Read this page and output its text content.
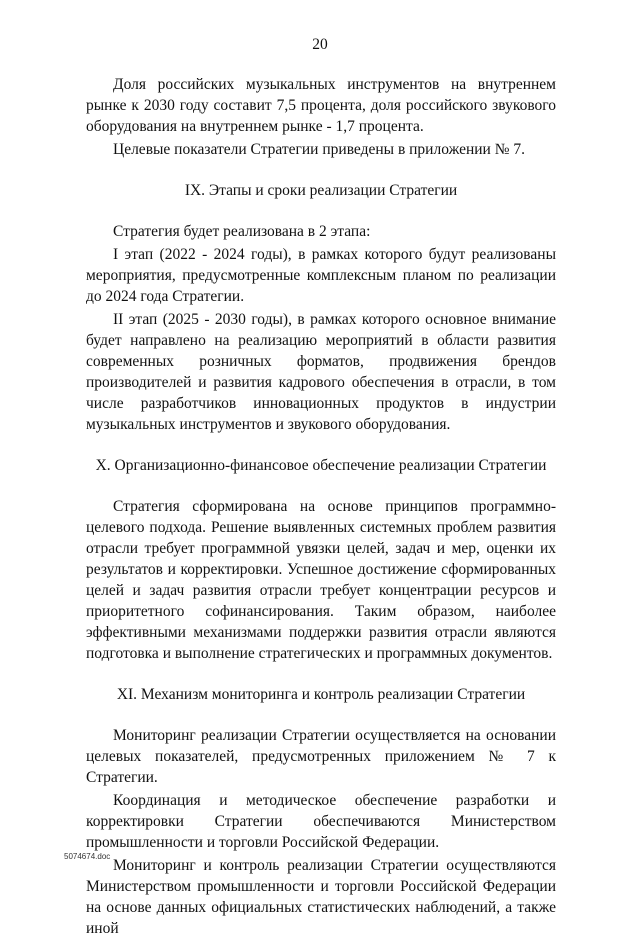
20

Доля российских музыкальных инструментов на внутреннем рынке к 2030 году составит 7,5 процента, доля российского звукового оборудования на внутреннем рынке - 1,7 процента.

Целевые показатели Стратегии приведены в приложении № 7.

IX. Этапы и сроки реализации Стратегии

Стратегия будет реализована в 2 этапа:

I этап (2022 - 2024 годы), в рамках которого будут реализованы мероприятия, предусмотренные комплексным планом по реализации до 2024 года Стратегии.

II этап (2025 - 2030 годы), в рамках которого основное внимание будет направлено на реализацию мероприятий в области развития современных розничных форматов, продвижения брендов производителей и развития кадрового обеспечения в отрасли, в том числе разработчиков инновационных продуктов в индустрии музыкальных инструментов и звукового оборудования.

X. Организационно-финансовое обеспечение реализации Стратегии

Стратегия сформирована на основе принципов программно-целевого подхода. Решение выявленных системных проблем развития отрасли требует программной увязки целей, задач и мер, оценки их результатов и корректировки. Успешное достижение сформированных целей и задач развития отрасли требует концентрации ресурсов и приоритетного софинансирования. Таким образом, наиболее эффективными механизмами поддержки развития отрасли являются подготовка и выполнение стратегических и программных документов.

XI. Механизм мониторинга и контроль реализации Стратегии

Мониторинг реализации Стратегии осуществляется на основании целевых показателей, предусмотренных приложением № 7 к Стратегии.

Координация и методическое обеспечение разработки и корректировки Стратегии обеспечиваются Министерством промышленности и торговли Российской Федерации.

Мониторинг и контроль реализации Стратегии осуществляются Министерством промышленности и торговли Российской Федерации на основе данных официальных статистических наблюдений, а также иной

5074674.doc
